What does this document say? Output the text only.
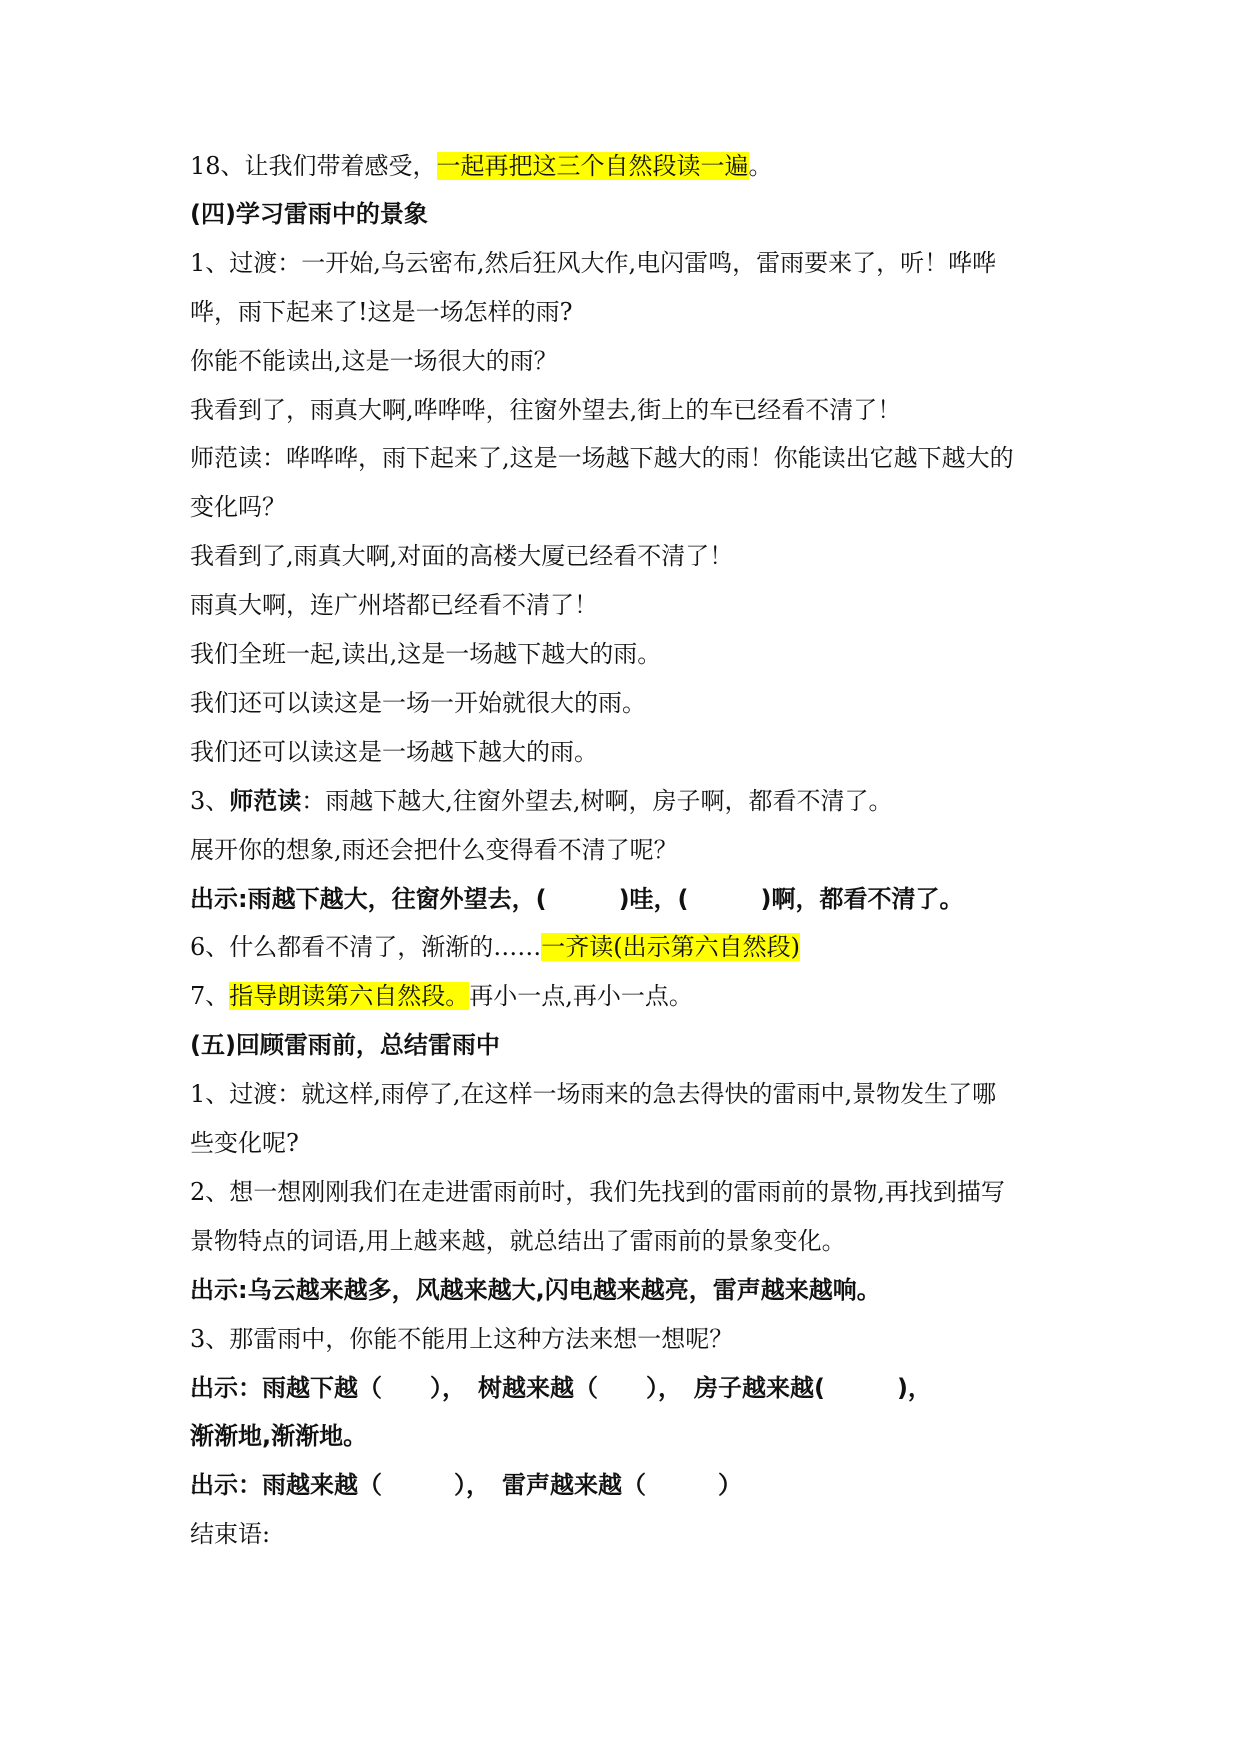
18、让我们带着感受，一起再把这三个自然段读一遍。
(四)学习雷雨中的景象
1、过渡：一开始,乌云密布,然后狂风大作,电闪雷鸣，雷雨要来了，听！哗哗
哗，雨下起来了!这是一场怎样的雨?
你能不能读出,这是一场很大的雨？
我看到了，雨真大啊,哗哗哗，往窗外望去,街上的车已经看不清了！
师范读：哗哗哗，雨下起来了,这是一场越下越大的雨！你能读出它越下越大的
变化吗？
我看到了,雨真大啊,对面的高楼大厦已经看不清了！
雨真大啊，连广州塔都已经看不清了！
我们全班一起,读出,这是一场越下越大的雨。
我们还可以读这是一场一开始就很大的雨。
我们还可以读这是一场越下越大的雨。
3、师范读：雨越下越大,往窗外望去,树啊，房子啊，都看不清了。
展开你的想象,雨还会把什么变得看不清了呢？
出示:雨越下越大，往窗外望去，(　　　)哇，(　　　)啊，都看不清了。
6、什么都看不清了，渐渐的……一齐读(出示第六自然段)
7、指导朗读第六自然段。再小一点,再小一点。
(五)回顾雷雨前，总结雷雨中
1、过渡：就这样,雨停了,在这样一场雨来的急去得快的雷雨中,景物发生了哪
些变化呢?
2、想一想刚刚我们在走进雷雨前时，我们先找到的雷雨前的景物,再找到描写
景物特点的词语,用上越来越，就总结出了雷雨前的景象变化。
出示:乌云越来越多，风越来越大,闪电越来越亮，雷声越来越响。
3、那雷雨中，你能不能用上这种方法来想一想呢？
出示：雨越下越（　　），　树越来越（　　），　房子越来越(　　　)，
渐渐地,渐渐地。
出示：雨越来越（　　　），　雷声越来越（　　　）
结束语:
